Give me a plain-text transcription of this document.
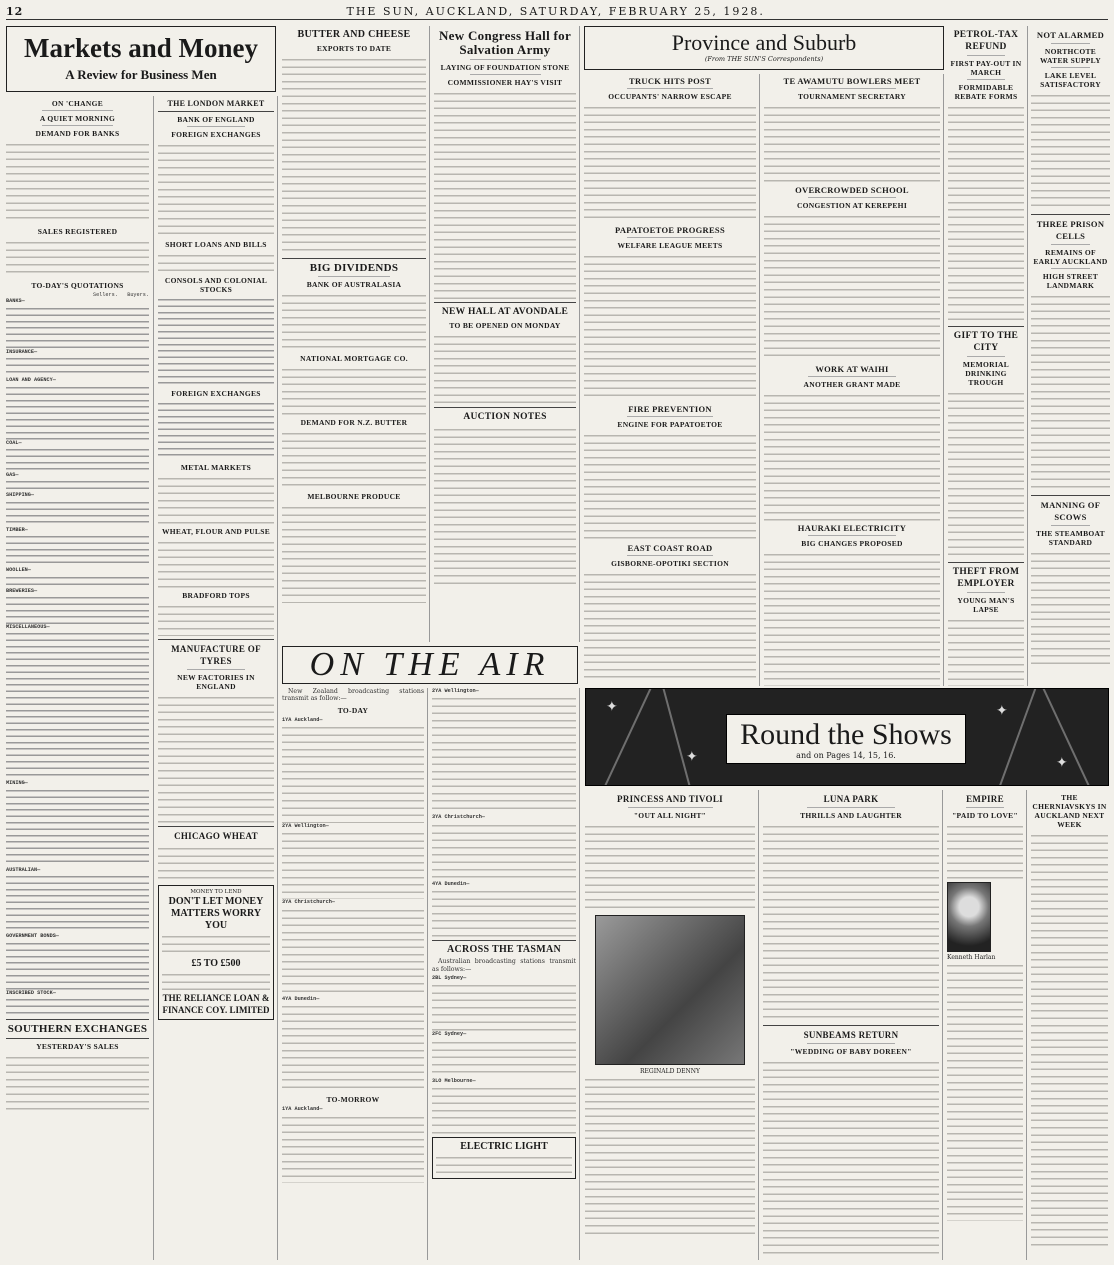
12	THE SUN, AUCKLAND, SATURDAY, FEBRUARY 25, 1928.
Markets and Money
A Review for Business Men
ON 'CHANGE
A QUIET MORNING
DEMAND FOR BANKS
SALES REGISTERED
TO-DAY'S QUOTATIONS
Sellers. Buyers.
BANKS—
INSURANCE—
LOAN AND AGENCY—
COAL—
GAS—
SHIPPING—
TIMBER—
WOOLLEN—
BREWERIES—
MISCELLANEOUS—
MINING—
AUSTRALIAN—
GOVERNMENT BONDS—
INSCRIBED STOCK—
SOUTHERN EXCHANGES
YESTERDAY'S SALES
THE LONDON MARKET
BANK OF ENGLAND
FOREIGN EXCHANGES
SHORT LOANS AND BILLS
CONSOLS AND COLONIAL STOCKS
FOREIGN EXCHANGES
METAL MARKETS
WHEAT, FLOUR AND PULSE
BRADFORD TOPS
MANUFACTURE OF TYRES
NEW FACTORIES IN ENGLAND
CHICAGO WHEAT
MONEY TO LEND
DON'T LET MONEY MATTERS WORRY YOU
£5 TO £500
THE RELIANCE LOAN & FINANCE COY. LIMITED
BUTTER AND CHEESE
EXPORTS TO DATE
BIG DIVIDENDS
BANK OF AUSTRALASIA
NATIONAL MORTGAGE CO.
DEMAND FOR N.Z. BUTTER
MELBOURNE PRODUCE
New Congress Hall for Salvation Army
LAYING OF FOUNDATION STONE
COMMISSIONER HAY'S VISIT
NEW HALL AT AVONDALE
TO BE OPENED ON MONDAY
AUCTION NOTES
Province and Suburb
(From THE SUN'S Correspondents)
TRUCK HITS POST
OCCUPANTS' NARROW ESCAPE
PAPATOETOE PROGRESS
WELFARE LEAGUE MEETS
FIRE PREVENTION
ENGINE FOR PAPATOETOE
EAST COAST ROAD
GISBORNE-OPOTIKI SECTION
TE AWAMUTU BOWLERS MEET
TOURNAMENT SECRETARY
OVERCROWDED SCHOOL
CONGESTION AT KEREPEHI
WORK AT WAIHI
ANOTHER GRANT MADE
HAURAKI ELECTRICITY
BIG CHANGES PROPOSED
PETROL-TAX REFUND
FIRST PAY-OUT IN MARCH
FORMIDABLE REBATE FORMS
GIFT TO THE CITY
MEMORIAL DRINKING TROUGH
THEFT FROM EMPLOYER
YOUNG MAN'S LAPSE
ON THE AIR

New Zealand broadcasting stations transmit as follow:—

TO-DAY
1YA Auckland—
2YA Wellington—
3YA Christchurch—
4YA Dunedin—
TO-MORROW
1YA Auckland—
2YA Wellington—
3YA Christchurch—
4YA Dunedin—
ACROSS THE TASMAN

Australian broadcasting stations transmit as follows:—

2BL Sydney—
2FC Sydney—
3LO Melbourne—
ELECTRIC LIGHT
✦
✦
✦
✦
Round the Shows
and on Pages 14, 15, 16.
PRINCESS AND TIVOLI
"OUT ALL NIGHT"
REGINALD DENNY
LUNA PARK
THRILLS AND LAUGHTER
SUNBEAMS RETURN
"WEDDING OF BABY DOREEN"
EMPIRE
"PAID TO LOVE"
Kenneth Harlan
THE CHERNIAVSKYS IN AUCKLAND NEXT WEEK
NOT ALARMED
NORTHCOTE WATER SUPPLY
LAKE LEVEL SATISFACTORY
THREE PRISON CELLS
REMAINS OF EARLY AUCKLAND
HIGH STREET LANDMARK
MANNING OF SCOWS
THE STEAMBOAT STANDARD
